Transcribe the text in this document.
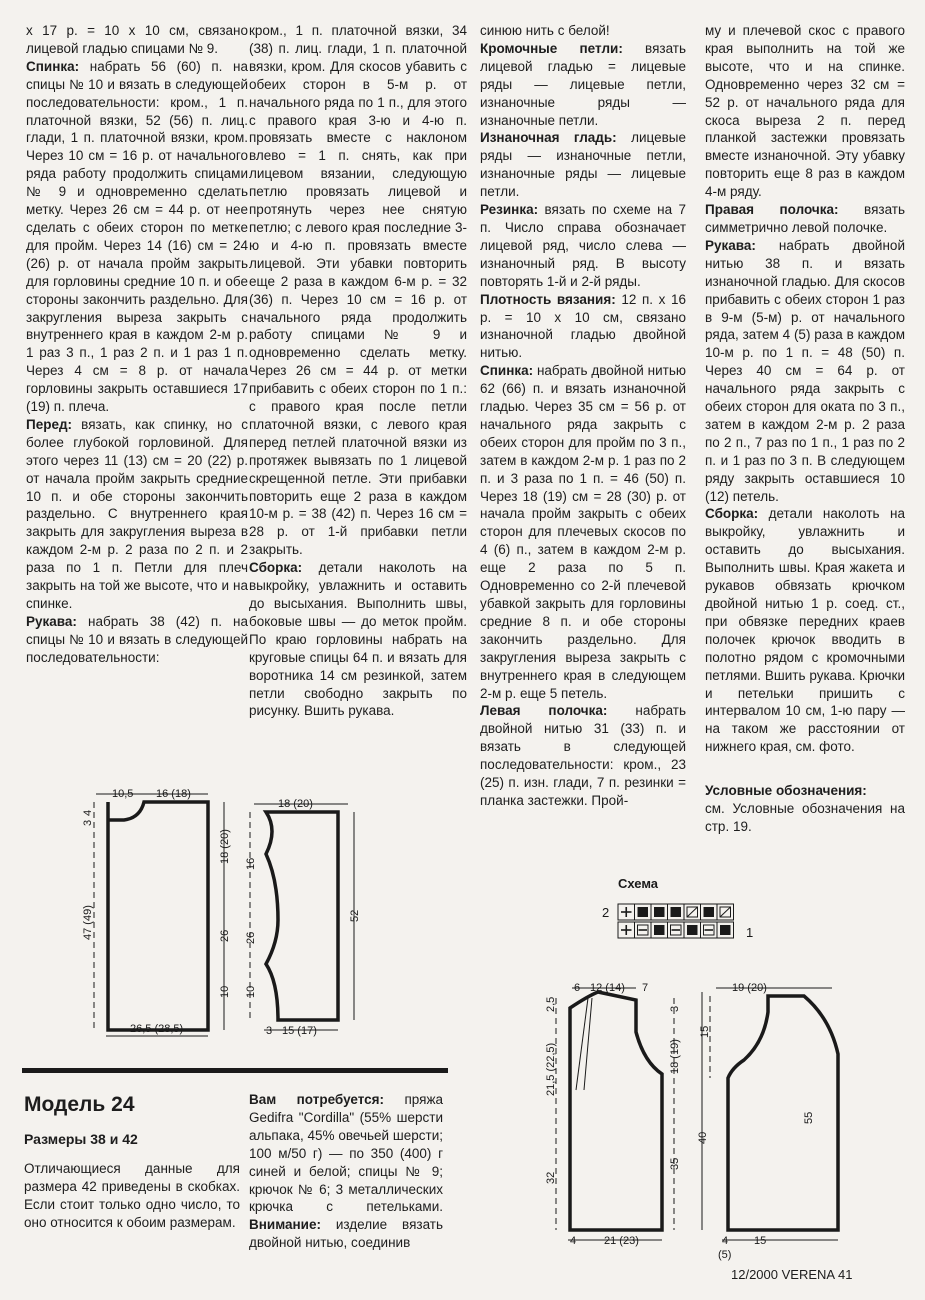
х 17 р. = 10 х 10 см, связано лицевой гладью спицами № 9.

Спинка: набрать 56 (60) п. на спицы № 10 и вязать в следующей последовательности: кром., 1 п. платочной вязки, 52 (56) п. лиц. глади, 1 п. платочной вязки, кром. Через 10 см = 16 р. от начального ряда работу продолжить спицами № 9 и одновременно сделать метку. Через 26 см = 44 р. от нее сделать с обеих сторон по метке для пройм. Через 14 (16) см = 24 (26) р. от начала пройм закрыть для горловины средние 10 п. и обе стороны закончить раздельно. Для закругления выреза закрыть с внутреннего края в каждом 2-м р. 1 раз 3 п., 1 раз 2 п. и 1 раз 1 п. Через 4 см = 8 р. от начала горловины закрыть оставшиеся 17 (19) п. плеча.

Перед: вязать, как спинку, но с более глубокой горловиной. Для этого через 11 (13) см = 20 (22) р. от начала пройм закрыть средние 10 п. и обе стороны закончить раздельно. С внутреннего края закрыть для закругления выреза в каждом 2-м р. 2 раза по 2 п. и 2 раза по 1 п. Петли для плеч закрыть на той же высоте, что и на спинке.

Рукава: набрать 38 (42) п. на спицы № 10 и вязать в следующей последовательности:

кром., 1 п. платочной вязки, 34 (38) п. лиц. глади, 1 п. платочной вязки, кром. Для скосов убавить с обеих сторон в 5-м р. от начального ряда по 1 п., для этого с правого края 3-ю и 4-ю п. провязать вместе с наклоном влево = 1 п. снять, как при лицевом вязании, следующую петлю провязать лицевой и протянуть через нее снятую петлю; с левого края последние 3-ю и 4-ю п. провязать вместе лицевой. Эти убавки повторить еще 2 раза в каждом 6-м р. = 32 (36) п. Через 10 см = 16 р. от начального ряда продолжить работу спицами № 9 и одновременно сделать метку. Через 26 см = 44 р. от метки прибавить с обеих сторон по 1 п.: с правого края после петли платочной вязки, с левого края перед петлей платочной вязки из протяжек вывязать по 1 лицевой скрещенной петле. Эти прибавки повторить еще 2 раза в каждом 10-м р. = 38 (42) п. Через 16 см = 28 р. от 1-й прибавки петли закрыть.

Сборка: детали наколоть на выкройку, увлажнить и оставить до высыхания. Выполнить швы, боковые швы — до меток пройм. По краю горловины набрать на круговые спицы 64 п. и вязать для воротника 14 см резинкой, затем петли свободно закрыть по рисунку. Вшить рукава.

синюю нить с белой!

Кромочные петли: вязать лицевой гладью = лицевые ряды — лицевые петли, изнаночные ряды — изнаночные петли.

Изнаночная гладь: лицевые ряды — изнаночные петли, изнаночные ряды — лицевые петли.

Резинка: вязать по схеме на 7 п. Число справа обозначает лицевой ряд, число слева — изнаночный ряд. В высоту повторять 1-й и 2-й ряды.

Плотность вязания: 12 п. х 16 р. = 10 х 10 см, связано изнаночной гладью двойной нитью.

Спинка: набрать двойной нитью 62 (66) п. и вязать изнаночной гладью. Через 35 см = 56 р. от начального ряда закрыть с обеих сторон для пройм по 3 п., затем в каждом 2-м р. 1 раз по 2 п. и 3 раза по 1 п. = 46 (50) п. Через 18 (19) см = 28 (30) р. от начала пройм закрыть с обеих сторон для плечевых скосов по 4 (6) п., затем в каждом 2-м р. еще 2 раза по 5 п. Одновременно со 2-й плечевой убавкой закрыть для горловины средние 8 п. и обе стороны закончить раздельно. Для закругления выреза закрыть с внутреннего края в следующем 2-м р. еще 5 петель.

Левая полочка: набрать двойной нитью 31 (33) п. и вязать в следующей последовательности: кром., 23 (25) п. изн. глади, 7 п. резинки = планка застежки. Прой-

му и плечевой скос с правого края выполнить на той же высоте, что и на спинке. Одновременно через 32 см = 52 р. от начального ряда для скоса выреза 2 п. перед планкой застежки провязать вместе изнаночной. Эту убавку повторить еще 8 раз в каждом 4-м ряду.

Правая полочка: вязать симметрично левой полочке.

Рукава: набрать двойной нитью 38 п. и вязать изнаночной гладью. Для скосов прибавить с обеих сторон 1 раз в 9-м (5-м) р. от начального ряда, затем 4 (5) раза в каждом 10-м р. по 1 п. = 48 (50) п. Через 40 см = 64 р. от начального ряда закрыть с обеих сторон для оката по 3 п., затем в каждом 2-м р. 2 раза по 2 п., 7 раз по 1 п., 1 раз по 2 п. и 1 раз по 3 п. В следующем ряду закрыть оставшиеся 10 (12) петель.

Сборка: детали наколоть на выкройку, увлажнить и оставить до высыхания. Выполнить швы. Края жакета и рукавов обвязать крючком двойной нитью 1 р. соед. ст., при обвязке передних краев полочек крючок вводить в полотно рядом с кромочными петлями. Вшить рукава. Крючки и петельки пришить с интервалом 10 см, 1-ю пару — на таком же расстоянии от нижнего края, см. фото.

Условные обозначения:
см. Условные обозначения на стр. 19.

10,5 16 (18)
3
4
47 (49)
18 (20)
26
10
26,5 (28,5)
18 (20)
16
26
10
52
3 15 (17)
Модель 24
Размеры 38 и 42
Отличающиеся данные для размера 42 приведены в скобках. Если стоит только одно число, то оно относится к обоим размерам.
Вам потребуется: пряжа Gedifra "Cordilla" (55% шерсти альпака, 45% овечьей шерсти; 100 м/50 г) — по 350 (400) г синей и белой; спицы № 9; крючок № 6; 3 металлических крючка с петельками. Внимание: изделие вязать двойной нитью, соединив
Схема
2
1
6 12 (14) 7
2,5
21,5 (22,5)
32
3
18 (19)
35
40
4	21 (23)
19 (20)
15
55
4 15
(5)
12/2000 VERENA 41
